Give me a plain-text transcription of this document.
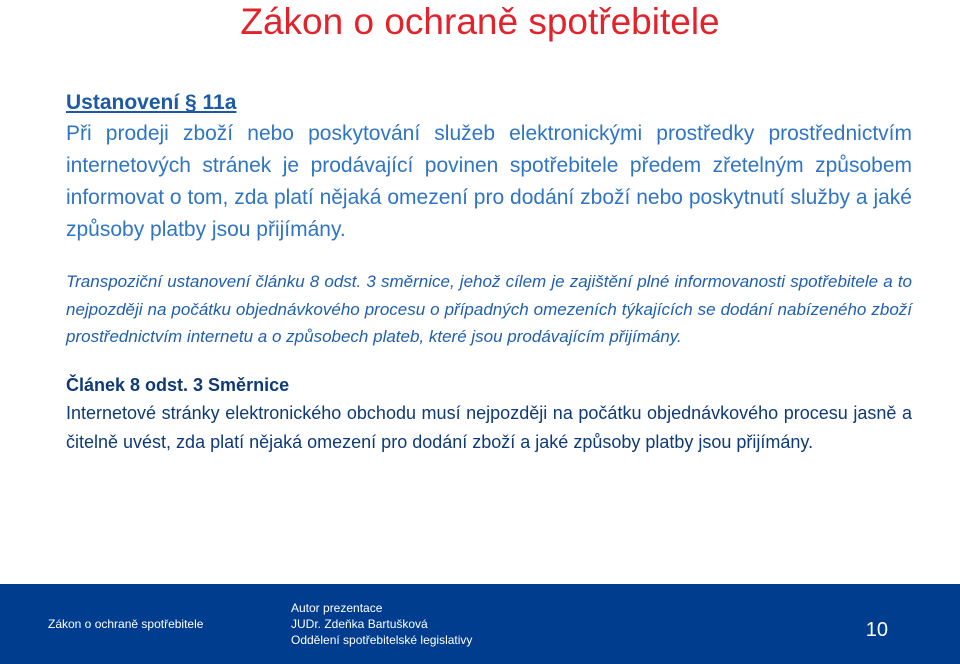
Zákon o ochraně spotřebitele

Ustanovení § 11a

Při prodeji zboží nebo poskytování služeb elektronickými prostředky prostřednictvím internetových stránek je prodávající povinen spotřebitele předem zřetelným způsobem informovat o tom, zda platí nějaká omezení pro dodání zboží nebo poskytnutí služby a jaké způsoby platby jsou přijímány.

Transpoziční ustanovení článku 8 odst. 3 směrnice, jehož cílem je zajištění plné informovanosti spotřebitele a to nejpozději na počátku objednávkového procesu o případných omezeních týkajících se dodání nabízeného zboží prostřednictvím internetu a o způsobech plateb, které jsou prodávajícím přijímány.

Článek 8 odst. 3 Směrnice

Internetové stránky elektronického obchodu musí nejpozději na počátku objednávkového procesu jasně a čitelně uvést, zda platí nějaká omezení pro dodání zboží a jaké způsoby platby jsou přijímány.

Zákon o ochraně spotřebitele
Autor prezentace
JUDr. Zdeňka Bartušková
Oddělení spotřebitelské legislativy	10
